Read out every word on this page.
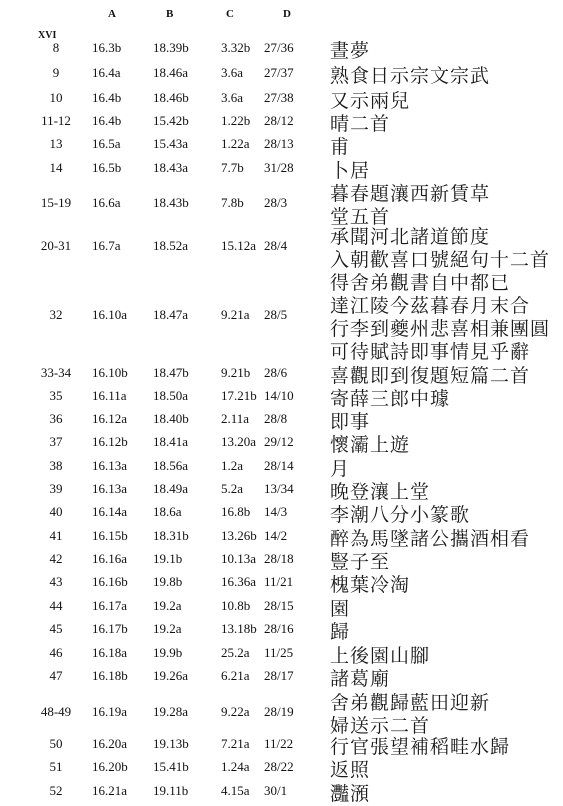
A	B	C	D
XVI
8	16.3b 18.39b 3.32b 27/36 晝夢
9	16.4a 18.46a	3.6a 27/37 熟食日示宗文宗武
10	16.4b 18.46b 3.6a 27/38 又示兩兒
11-12	16.4b 15.42b 1.22b 28/12 晴二首
13	16.5a 15.43a	1.22a 28/13 甫
14	16.5b 18.43a	7.7b 31/28 卜居
15-19	16.6a 18.43b 7.8b 28/3 暮春題瀼西新賃草
堂五首
20-31	16.7a 18.52a	15.12a 28/4 承聞河北諸道節度
入朝歡喜口號絕句十二首
32	16.10a 18.47a	9.21a 28/5
得舍弟觀書自中都已
達江陵今茲暮春月末合
行李到夔州悲喜相兼團圓
可待賦詩即事情見乎辭
33-34	16.10b 18.47b 9.21b 28/6 喜觀即到復題短篇二首
35	16.11a 18.50a	17.21b 14/10 寄薛三郎中璩
36	16.12a 18.40b 2.11a 28/8 即事
37	16.12b 18.41a	13.20a 29/12 懷灞上遊
38	16.13a 18.56a	1.2a 28/14 月
39	16.13a 18.49a	5.2a 13/34 晚登瀼上堂
40	16.14a 18.6a	16.8b 14/3 李潮八分小篆歌
41	16.15b 18.31b 13.26b 14/2 醉為馬墜諸公攜酒相看
42	16.16a 19.1b	10.13a 28/18 豎子至
43	16.16b 19.8b	16.36a 11/21 槐葉冷淘
44	16.17a 19.2a	10.8b 28/15 園
45	16.17b 19.2a	13.18b 28/16 歸
46	16.18a 19.9b	25.2a 11/25 上後園山腳
47	16.18b 19.26a	6.21a 28/17 諸葛廟
48-49	16.19a 19.28a	9.22a 28/19 舍弟觀歸藍田迎新
婦送示二首
50	16.20a 19.13b 7.21a 11/22 行官張望補稻畦水歸
51	16.20b 15.41b 1.24a 28/22 返照
52	16.21a 19.11b	4.15a 30/1 灩澦
